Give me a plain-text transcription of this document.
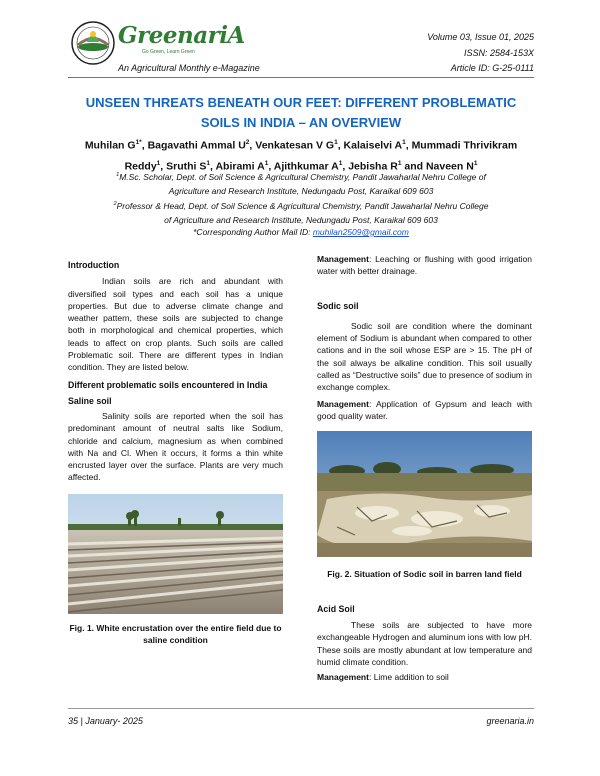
GreenariA
Go Green, Learn Green
An Agricultural Monthly e-Magazine
Volume 03, Issue 01, 2025
ISSN: 2584-153X
Article ID: G-25-0111
UNSEEN THREATS BENEATH OUR FEET: DIFFERENT PROBLEMATIC
SOILS IN INDIA – AN OVERVIEW
Muhilan $G^{1*}$, Bagavathi Ammal $U^2$, Venkatesan V $G^1$, Kalaiselvi $A^1$, Mummadi Thrivikram Reddy$^1$, Sruthi $S^1$, Abirami $A^1$, Ajithkumar $A^1$, Jebisha $R^1$ and Naveen $N^1$
$^1$M.Sc. Scholar, Dept. of Soil Science & Agricultural Chemistry, Pandit Jawaharlal Nehru College of
Agriculture and Research Institute, Nedungadu Post, Karaikal 609 603
$^2$Professor & Head, Dept. of Soil Science & Agricultural Chemistry, Pandit Jawaharlal Nehru College
of Agriculture and Research Institute, Nedungadu Post, Karaikal 609 603
*Corresponding Author Mail ID: muhilan2509@gmail.com
Introduction

Indian soils are rich and abundant with diversified soil types and each soil has a unique properties. But due to adverse climate change and weather pattern, these soils are subjected to change both in morphological and chemical properties, which leads to affect on crop plants. Such soils are called Problematic soil. There are different types in Indian condition. They are listed below.

Different problematic soils encountered in India
Saline soil

Salinity soils are reported when the soil has predominant amount of neutral salts like Sodium, chloride and calcium, magnesium as when combined with Na and Cl. When it occurs, it forms a thin white encrusted layer over the surface. Plants are very much affected.

Fig. 1. White encrustation over the entire field due to saline condition

Management: Leaching or flushing with good irrigation water with better drainage.

Sodic soil

Sodic soil are condition where the dominant element of Sodium is abundant when compared to other cations and in the soil whose ESP are > 15. The pH of the soil always be alkaline condition. This soil usually called as “Destructive soils” due to presence of sodium in exchange complex.

Management: Application of Gypsum and leach with good quality water.

Fig. 2. Situation of Sodic soil in barren land field
Acid Soil

These soils are subjected to have more exchangeable Hydrogen and aluminum ions with low pH. These soils are mostly abundant at low temperature and humid climate condition.

Management: Lime addition to soil

35 | January- 2025	greenaria.in
